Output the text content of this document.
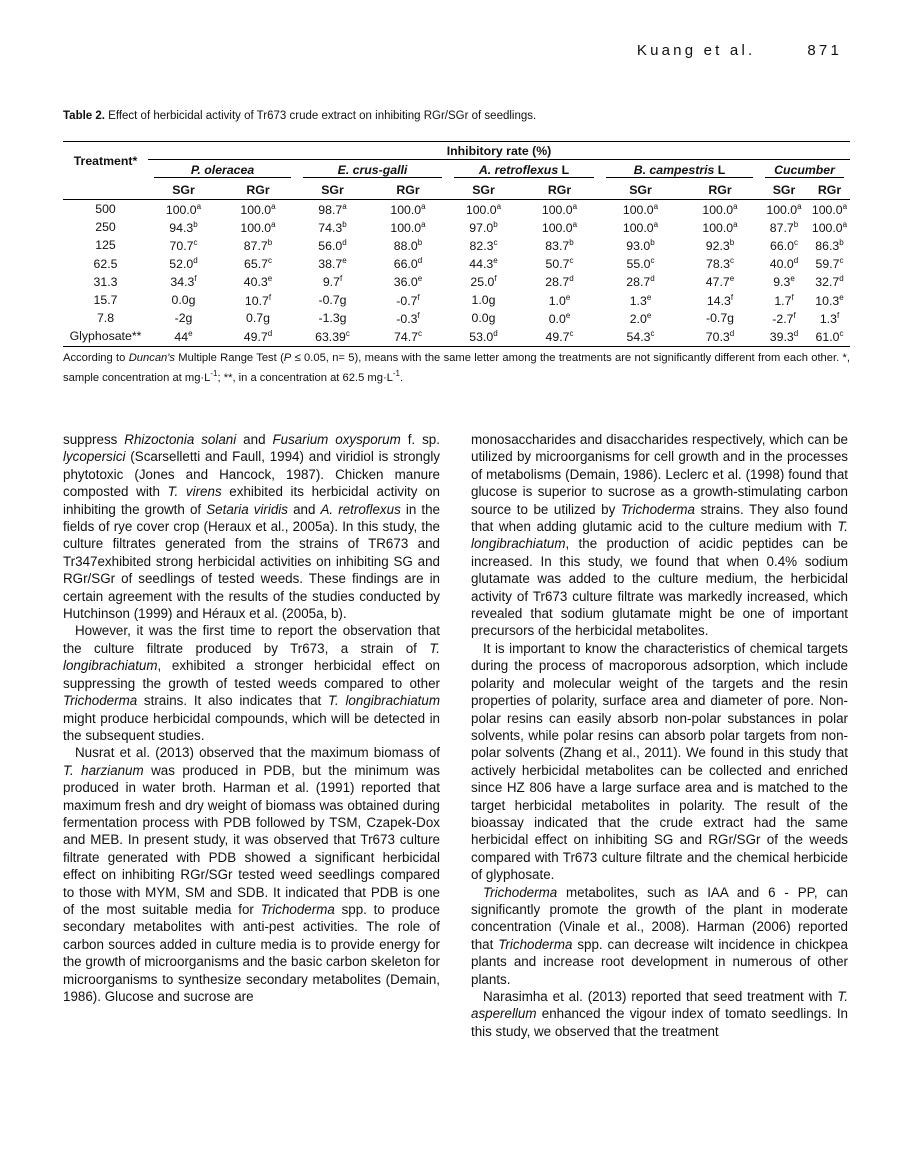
Kuang et al.	871
Table 2. Effect of herbicidal activity of Tr673 crude extract on inhibiting RGr/SGr of seedlings.
Treatment*	Inhibitory rate (%)									

	P. oleracea		E. crus-galli		A. retroflexus L		B. campestris L		Cucumber	

	SGr	RGr	SGr	RGr	SGr	RGr	SGr	RGr	SGr	RGr
500	100.0$^a$	100.0$^a$	98.7$^a$	100.0$^a$	100.0$^a$	100.0$^a$	100.0$^a$	100.0$^a$	100.0$^a$	100.0$^a$
250	94.3$^b$	100.0$^a$	74.3$^b$	100.0$^a$	97.0$^b$	100.0$^a$	100.0$^a$	100.0$^a$	87.7$^b$	100.0$^a$
125	70.7$^c$	87.7$^b$	56.0$^d$	88.0$^b$	82.3$^c$	83.7$^b$	93.0$^b$	92.3$^b$	66.0$^c$	86.3$^b$
62.5	52.0$^d$	65.7$^c$	38.7e	66.0$^d$	44.3e	50.7$^c$	55.0$^c$	78.3$^c$	40.0$^d$	59.7$^c$
31.3	34.3$^f$	40.3e	9.7$^f$	36.0e	25.0$^f$	28.7$^d$	28.7$^d$	47.7e	9.3e	32.7$^d$
15.7	0.0g	10.7$^f$	-0.7g	-0.7$^f$	1.0g	1.0e	1.3e	14.3$^f$	1.7$^f$	10.3e
7.8	-2g	0.7g	-1.3g	-0.3$^f$	0.0g	0.0e	2.0e	-0.7g	-2.7$^f$	1.3$^f$
Glyphosate**	44e	49.7$^d$	63.39$^c$	74.7$^c$	53.0$^d$	49.7$^c$	54.3$^c$	70.3$^d$	39.3$^d$	61.0$^c$
According to Duncan's Multiple Range Test (P ≤ 0.05, n= 5), means with the same letter among the treatments are not significantly different from each other. *, sample concentration at $mg\cdot L^{-1}$; **, in a concentration at 62.5 $mg\cdot L^{-1}$.

suppress Rhizoctonia solani and Fusarium oxysporum f. sp. lycopersici (Scarselletti and Faull, 1994) and viridiol is strongly phytotoxic (Jones and Hancock, 1987). Chicken manure composted with T. virens exhibited its herbicidal activity on inhibiting the growth of Setaria viridis and A. retroflexus in the fields of rye cover crop (Heraux et al., 2005a). In this study, the culture filtrates generated from the strains of TR673 and Tr347exhibited strong herbicidal activities on inhibiting SG and RGr/SGr of seedlings of tested weeds. These findings are in certain agreement with the results of the studies conducted by Hutchinson (1999) and Héraux et al. (2005a, b).

However, it was the first time to report the observation that the culture filtrate produced by Tr673, a strain of T. longibrachiatum, exhibited a stronger herbicidal effect on suppressing the growth of tested weeds compared to other Trichoderma strains. It also indicates that T. longibrachiatum might produce herbicidal compounds, which will be detected in the subsequent studies.

Nusrat et al. (2013) observed that the maximum biomass of T. harzianum was produced in PDB, but the minimum was produced in water broth. Harman et al. (1991) reported that maximum fresh and dry weight of biomass was obtained during fermentation process with PDB followed by TSM, Czapek-Dox and MEB. In present study, it was observed that Tr673 culture filtrate generated with PDB showed a significant herbicidal effect on inhibiting RGr/SGr tested weed seedlings compared to those with MYM, SM and SDB. It indicated that PDB is one of the most suitable media for Trichoderma spp. to produce secondary metabolites with anti-pest activities. The role of carbon sources added in culture media is to provide energy for the growth of microorganisms and the basic carbon skeleton for microorganisms to synthesize secondary metabolites (Demain, 1986). Glucose and sucrose are

monosaccharides and disaccharides respectively, which can be utilized by microorganisms for cell growth and in the processes of metabolisms (Demain, 1986). Leclerc et al. (1998) found that glucose is superior to sucrose as a growth-stimulating carbon source to be utilized by Trichoderma strains. They also found that when adding glutamic acid to the culture medium with T. longibrachiatum, the production of acidic peptides can be increased. In this study, we found that when 0.4% sodium glutamate was added to the culture medium, the herbicidal activity of Tr673 culture filtrate was markedly increased, which revealed that sodium glutamate might be one of important precursors of the herbicidal metabolites.

It is important to know the characteristics of chemical targets during the process of macroporous adsorption, which include polarity and molecular weight of the targets and the resin properties of polarity, surface area and diameter of pore. Non-polar resins can easily absorb non-polar substances in polar solvents, while polar resins can absorb polar targets from non-polar solvents (Zhang et al., 2011). We found in this study that actively herbicidal metabolites can be collected and enriched since HZ 806 have a large surface area and is matched to the target herbicidal metabolites in polarity. The result of the bioassay indicated that the crude extract had the same herbicidal effect on inhibiting SG and RGr/SGr of the weeds compared with Tr673 culture filtrate and the chemical herbicide of glyphosate.

Trichoderma metabolites, such as IAA and 6 - PP, can significantly promote the growth of the plant in moderate concentration (Vinale et al., 2008). Harman (2006) reported that Trichoderma spp. can decrease wilt incidence in chickpea plants and increase root development in numerous of other plants.

Narasimha et al. (2013) reported that seed treatment with T. asperellum enhanced the vigour index of tomato seedlings. In this study, we observed that the treatment
